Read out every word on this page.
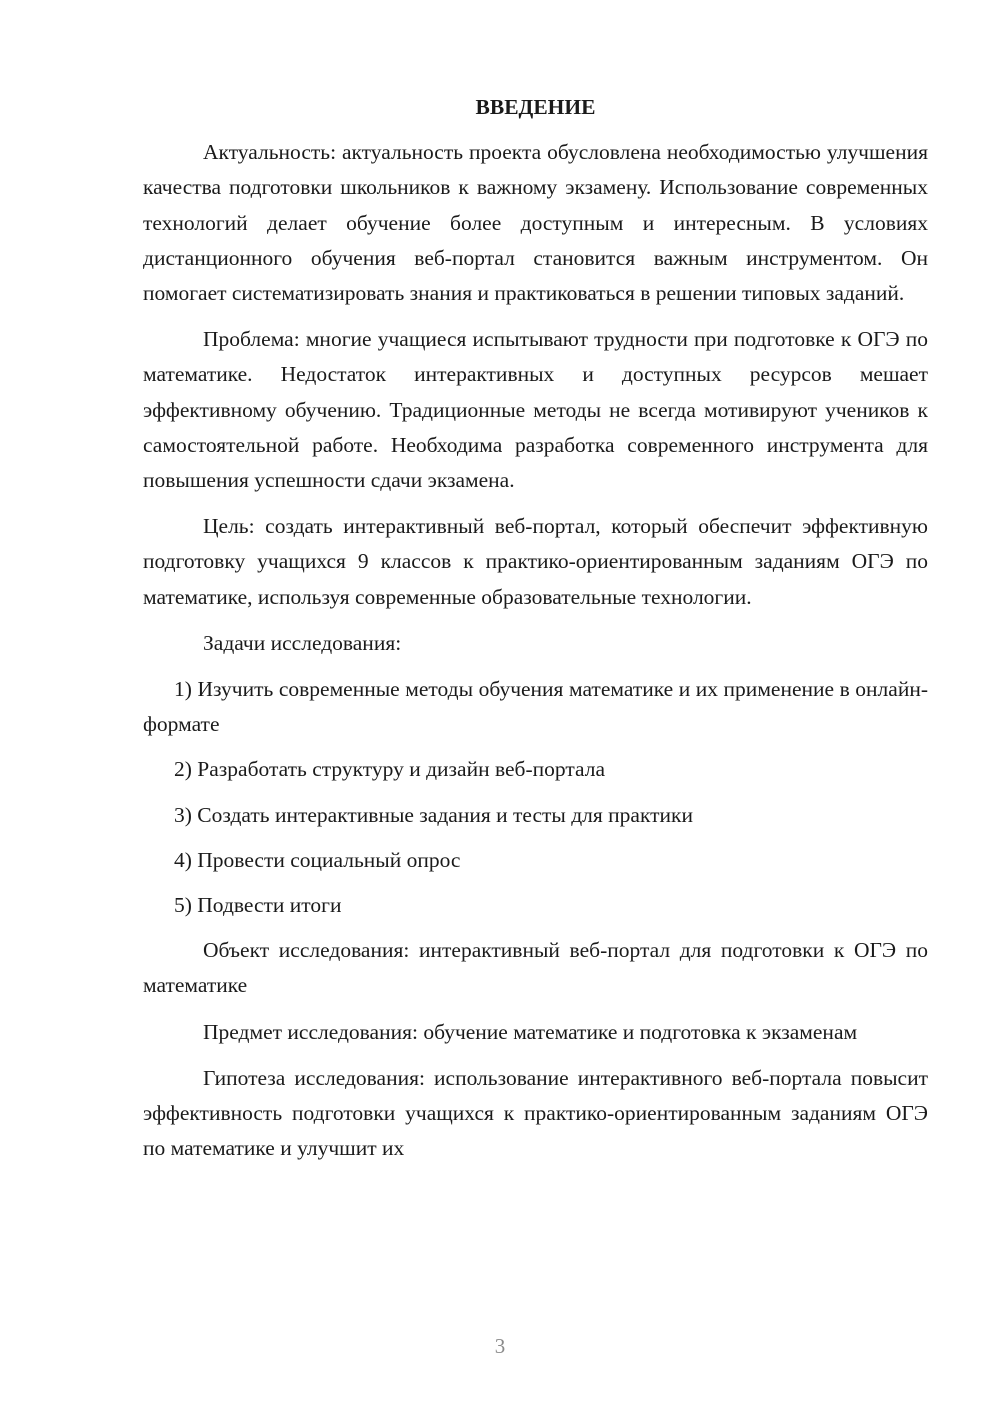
ВВЕДЕНИЕ

Актуальность: актуальность проекта обусловлена необходимостью улучшения качества подготовки школьников к важному экзамену. Использование современных технологий делает обучение более доступным и интересным. В условиях дистанционного обучения веб-портал становится важным инструментом. Он помогает систематизировать знания и практиковаться в решении типовых заданий.

Проблема: многие учащиеся испытывают трудности при подготовке к ОГЭ по математике. Недостаток интерактивных и доступных ресурсов мешает эффективному обучению. Традиционные методы не всегда мотивируют учеников к самостоятельной работе. Необходима разработка современного инструмента для повышения успешности сдачи экзамена.

Цель: создать интерактивный веб-портал, который обеспечит эффективную подготовку учащихся 9 классов к практико-ориентированным заданиям ОГЭ по математике, используя современные образовательные технологии.

Задачи исследования:

1) Изучить современные методы обучения математике и их применение в онлайн-формате

2) Разработать структуру и дизайн веб-портала

3) Создать интерактивные задания и тесты для практики

4) Провести социальный опрос

5) Подвести итоги

Объект исследования: интерактивный веб-портал для подготовки к ОГЭ по математике

Предмет исследования: обучение математике и подготовка к экзаменам

Гипотеза исследования: использование интерактивного веб-портала повысит эффективность подготовки учащихся к практико-ориентированным заданиям ОГЭ по математике и улучшит их

3
